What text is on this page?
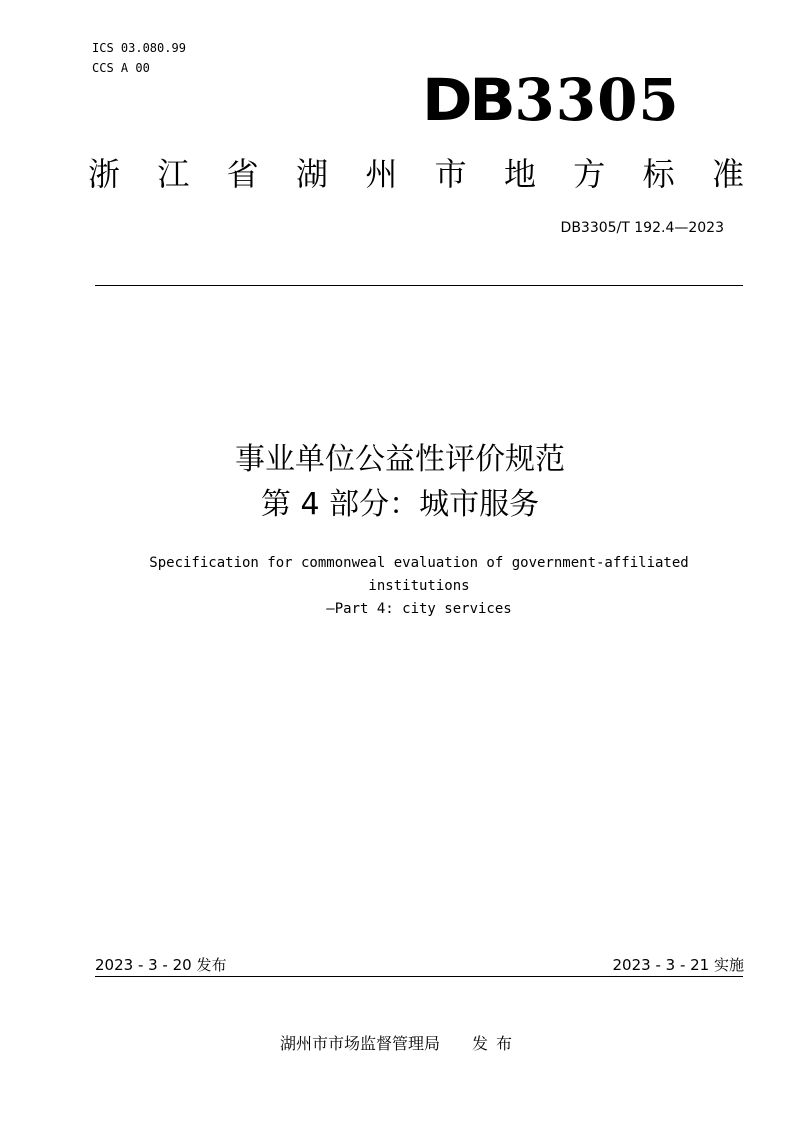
ICS 03.080.99
CCS A 00	DB 3305
浙 江 省 湖 州 市 地 方 标 准
DB3305/T 192.4—2023
事业单位公益性评价规范
第 4 部分：城市服务
Specification for commonweal evaluation of government-affiliated
institutions
—Part 4: city services
2023 - 3 - 20 发布	2023 - 3 - 21 实施
湖州市市场监督管理局 发布
